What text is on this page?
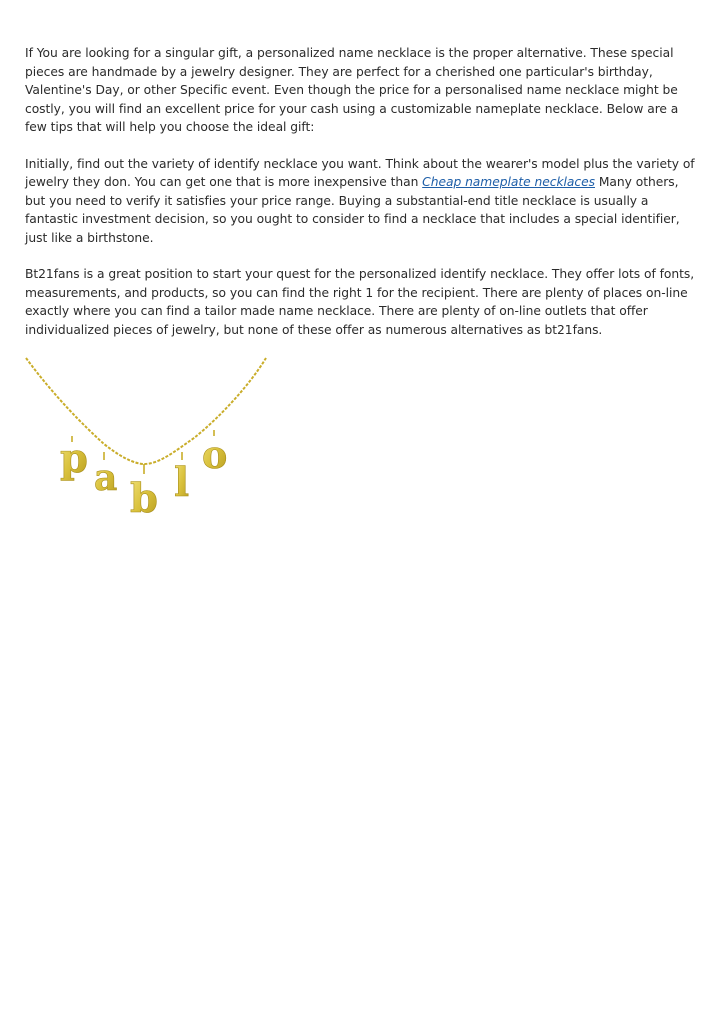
If You are looking for a singular gift, a personalized name necklace is the proper alternative. These special pieces are handmade by a jewelry designer. They are perfect for a cherished one particular's birthday, Valentine's Day, or other Specific event. Even though the price for a personalised name necklace might be costly, you will find an excellent price for your cash using a customizable nameplate necklace. Below are a few tips that will help you choose the ideal gift:

Initially, find out the variety of identify necklace you want. Think about the wearer's model plus the variety of jewelry they don. You can get one that is more inexpensive than Cheap nameplate necklaces Many others, but you need to verify it satisfies your price range. Buying a substantial-end title necklace is usually a fantastic investment decision, so you ought to consider to find a necklace that includes a special identifier, just like a birthstone.

Bt21fans is a great position to start your quest for the personalized identify necklace. They offer lots of fonts, measurements, and products, so you can find the right 1 for the recipient. There are plenty of places on-line exactly where you can find a tailor made name necklace. There are plenty of on-line outlets that offer individualized pieces of jewelry, but none of these offer as numerous alternatives as bt21fans.

p a b l
o
